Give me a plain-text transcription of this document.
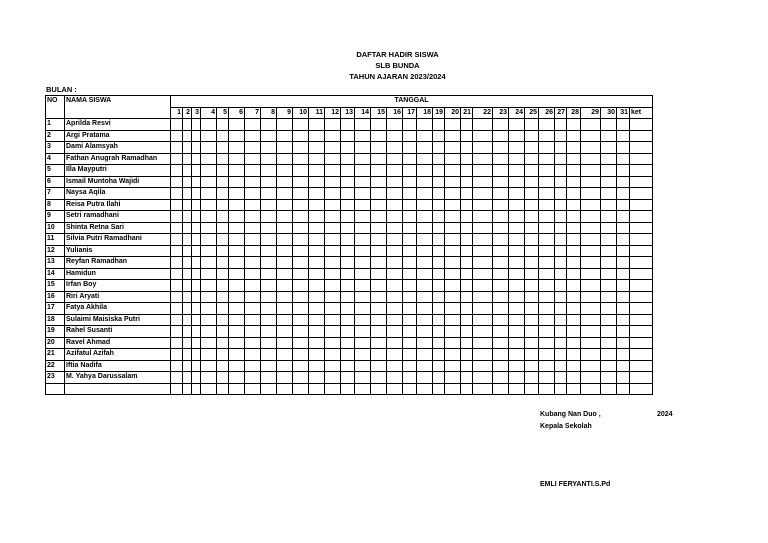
DAFTAR HADIR SISWA
SLB BUNDA
TAHUN AJARAN 2023/2024
BULAN :
NO	NAMA SISWA	TANGGAL																															
		1	2	3	4	5	6	7	8	9	10	11	12	13	14	15	16	17	18	19	20	21	22	23	24	25	26	27	28	29	30	31	ket
1	Aprilda Resvi																																
2	Argi Pratama																																
3	Dami Alamsyah																																
4	Fathan Anugrah Ramadhan																																
5	Illa Mayputri																																
6	Ismail Muntoha Wajidi																																
7	Naysa Aqila																																
8	Reisa Putra Ilahi																																
9	Setri ramadhani																																
10	Shinta Retna Sari																																
11	Silvia Putri Ramadhani																																
12	Yulianis																																
13	Reyfan Ramadhan																																
14	Hamidun																																
15	Irfan Boy																																
16	Riri Aryati																																
17	Fatya Akhila																																
18	Sulaimi Maisiska Putri																																
19	Rahel Susanti																																
20	Ravel Ahmad																																
21	Azifatul Azifah																																
22	Iftia Nadifa																																
23	M. Yahya Darussalam																																

Kubang Nan Duo ,	2024
Kepala Sekolah
EMLI FERYANTI.S.Pd
